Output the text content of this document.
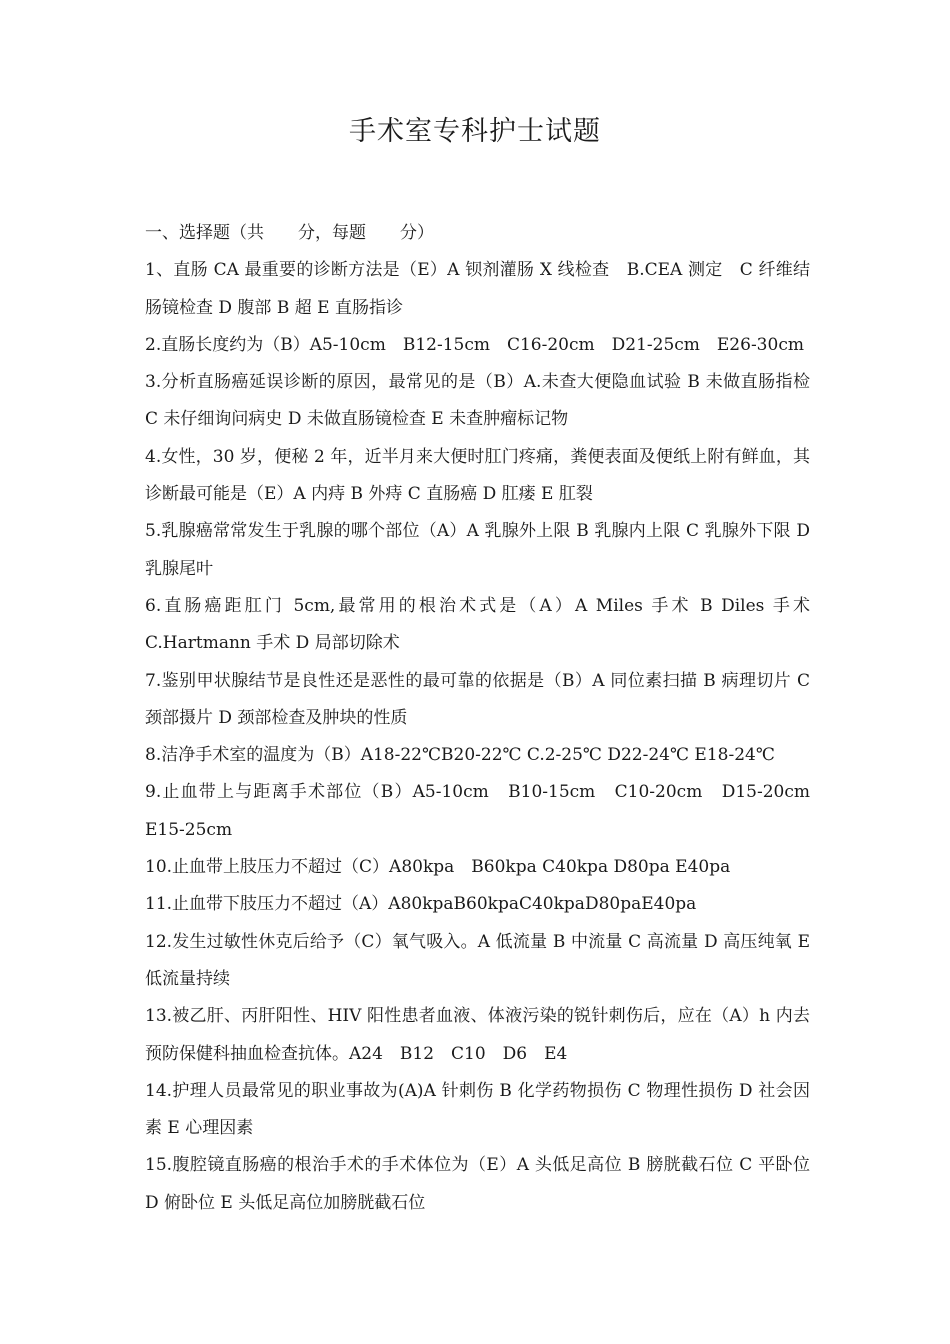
手术室专科护士试题

一、选择题（共　　分，每题　　分）

1、直肠 CA 最重要的诊断方法是（E）A 钡剂灌肠 X 线检查　B.CEA 测定　C 纤维结肠镜检查 D 腹部 B 超 E 直肠指诊

2.直肠长度约为（B）A5-10cm　B12-15cm　C16-20cm　D21-25cm　E26-30cm

3.分析直肠癌延误诊断的原因，最常见的是（B）A.未查大便隐血试验 B 未做直肠指检 C 未仔细询问病史 D 未做直肠镜检查 E 未查肿瘤标记物

4.女性，30 岁，便秘 2 年，近半月来大便时肛门疼痛，粪便表面及便纸上附有鲜血，其诊断最可能是（E）A 内痔 B 外痔 C 直肠癌 D 肛瘘 E 肛裂

5.乳腺癌常常发生于乳腺的哪个部位（A）A 乳腺外上限 B 乳腺内上限 C 乳腺外下限 D 乳腺尾叶

6.直肠癌距肛门 5cm,最常用的根治术式是（A）A Miles 手术 B Diles 手术 C.Hartmann 手术 D 局部切除术

7.鉴别甲状腺结节是良性还是恶性的最可靠的依据是（B）A 同位素扫描 B 病理切片 C 颈部摄片 D 颈部检查及肿块的性质

8.洁净手术室的温度为（B）A18-22℃B20-22℃ C.2-25℃ D22-24℃ E18-24℃

9.止血带上与距离手术部位（B）A5-10cm　B10-15cm　C10-20cm　D15-20cm　E15-25cm

10.止血带上肢压力不超过（C）A80kpa　B60kpa C40kpa D80pa E40pa

11.止血带下肢压力不超过（A）A80kpaB60kpaC40kpaD80paE40pa

12.发生过敏性休克后给予（C）氧气吸入。A 低流量 B 中流量 C 高流量 D 高压纯氧 E 低流量持续

13.被乙肝、丙肝阳性、HIV 阳性患者血液、体液污染的锐针刺伤后，应在（A）h 内去预防保健科抽血检查抗体。A24　B12　C10　D6　E4

14.护理人员最常见的职业事故为(A)A 针刺伤 B 化学药物损伤 C 物理性损伤 D 社会因素 E 心理因素

15.腹腔镜直肠癌的根治手术的手术体位为（E）A 头低足高位 B 膀胱截石位 C 平卧位 D 俯卧位 E 头低足高位加膀胱截石位
